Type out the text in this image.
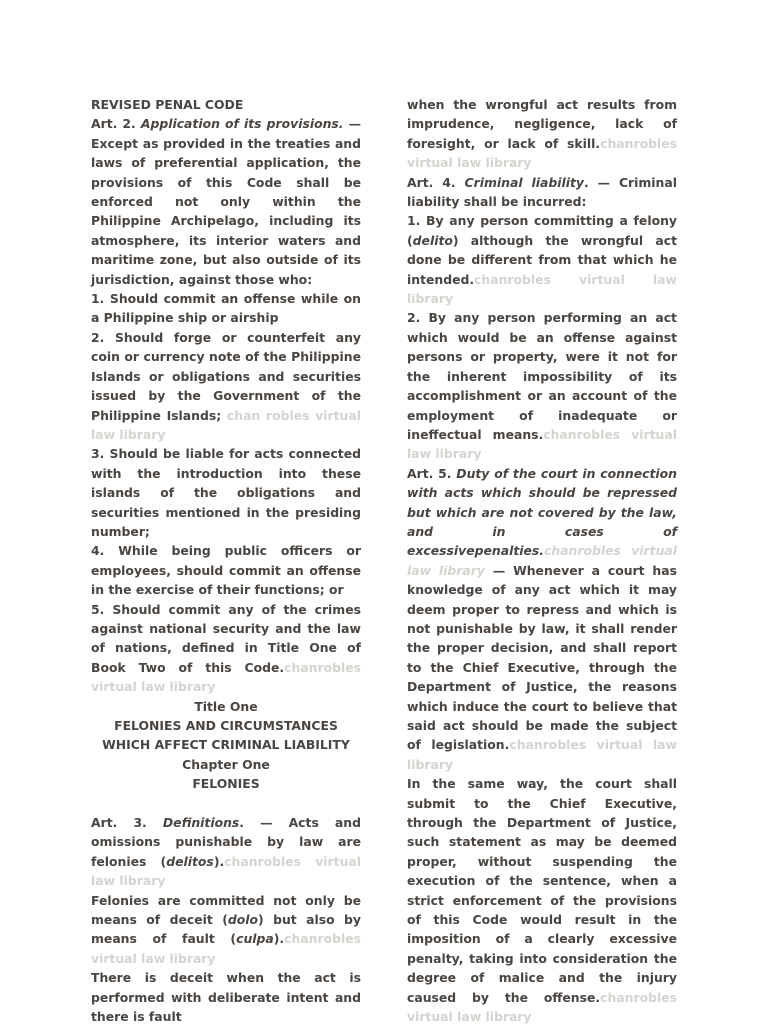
REVISED PENAL CODE

Art. 2. Application of its provisions. — Except as provided in the treaties and laws of preferential application, the provisions of this Code shall be enforced not only within the Philippine Archipelago, including its atmosphere, its interior waters and maritime zone, but also outside of its jurisdiction, against those who:

1. Should commit an offense while on a Philippine ship or airship

2. Should forge or counterfeit any coin or currency note of the Philippine Islands or obligations and securities issued by the Government of the Philippine Islands; chan robles virtual law library

3. Should be liable for acts connected with the introduction into these islands of the obligations and securities mentioned in the presiding number;

4. While being public officers or employees, should commit an offense in the exercise of their functions; or

5. Should commit any of the crimes against national security and the law of nations, defined in Title One of Book Two of this Code.chanrobles virtual law library

Title One

FELONIES AND CIRCUMSTANCES

WHICH AFFECT CRIMINAL LIABILITY

Chapter One

FELONIES

Art. 3. Definitions. — Acts and omissions punishable by law are felonies (delitos).chanrobles virtual law library

Felonies are committed not only be means of deceit (dolo) but also by means of fault (culpa).chanrobles virtual law library

There is deceit when the act is performed with deliberate intent and there is fault

when the wrongful act results from imprudence, negligence, lack of foresight, or lack of skill.chanrobles virtual law library

Art. 4. Criminal liability. — Criminal liability shall be incurred:

1. By any person committing a felony (delito) although the wrongful act done be different from that which he intended.chanrobles virtual law library

2. By any person performing an act which would be an offense against persons or property, were it not for the inherent impossibility of its accomplishment or an account of the employment of inadequate or ineffectual means.chanrobles virtual law library

Art. 5. Duty of the court in connection with acts which should be repressed but which are not covered by the law, and in cases of excessivepenalties.chanrobles virtual law library — Whenever a court has knowledge of any act which it may deem proper to repress and which is not punishable by law, it shall render the proper decision, and shall report to the Chief Executive, through the Department of Justice, the reasons which induce the court to believe that said act should be made the subject of legislation.chanrobles virtual law library

In the same way, the court shall submit to the Chief Executive, through the Department of Justice, such statement as may be deemed proper, without suspending the execution of the sentence, when a strict enforcement of the provisions of this Code would result in the imposition of a clearly excessive penalty, taking into consideration the degree of malice and the injury caused by the offense.chanrobles virtual law library
